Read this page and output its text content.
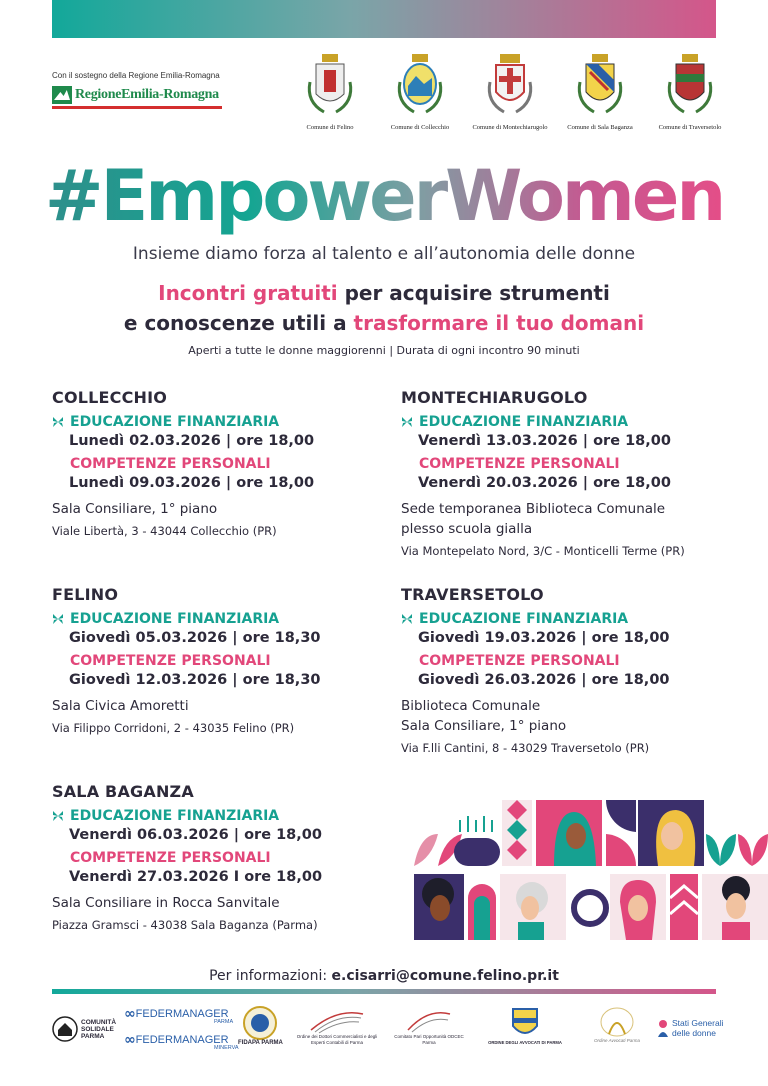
Con il sostegno della Regione Emilia-Romagna
RegioneEmilia-Romagna
Comune di Felino	Comune di Collecchio	Comune di Montechiarugolo	Comune di Sala Baganza	Comune di Traversetolo
#EmpowerWomen
Insieme diamo forza al talento e all’autonomia delle donne
Incontri gratuiti per acquisire strumenti
e conoscenze utili a trasformare il tuo domani
Aperti a tutte le donne maggiorenni | Durata di ogni incontro 90 minuti
COLLECCHIO
EDUCAZIONE FINANZIARIA
Lunedì 02.03.2026 | ore 18,00
COMPETENZE PERSONALI
Lunedì 09.03.2026 | ore 18,00
Sala Consiliare, 1° piano
Viale Libertà, 3 - 43044 Collecchio (PR)
MONTECHIARUGOLO
EDUCAZIONE FINANZIARIA
Venerdì 13.03.2026 | ore 18,00
COMPETENZE PERSONALI
Venerdì 20.03.2026 | ore 18,00
Sede temporanea Biblioteca Comunale
plesso scuola gialla
Via Montepelato Nord, 3/C - Monticelli Terme (PR)
FELINO
EDUCAZIONE FINANZIARIA
Giovedì 05.03.2026 | ore 18,30
COMPETENZE PERSONALI
Giovedì 12.03.2026 | ore 18,30
Sala Civica Amoretti
Via Filippo Corridoni, 2 - 43035 Felino (PR)
TRAVERSETOLO
EDUCAZIONE FINANZIARIA
Giovedì 19.03.2026 | ore 18,00
COMPETENZE PERSONALI
Giovedì 26.03.2026 | ore 18,00
Biblioteca Comunale
Sala Consiliare, 1° piano
Via F.lli Cantini, 8 - 43029 Traversetolo (PR)
SALA BAGANZA
EDUCAZIONE FINANZIARIA
Venerdì 06.03.2026 | ore 18,00
COMPETENZE PERSONALI
Venerdì 27.03.2026 I ore 18,00
Sala Consiliare in Rocca Sanvitale
Piazza Gramsci - 43038 Sala Baganza (Parma)
Per informazioni: e.cisarri@comune.felino.pr.it
COMUNITÀ SOLIDALE PARMA
∞ FEDERMANAGER
PARMA
∞ FEDERMANAGER
MINERVA
FIDAPA PARMA
Ordine dei Dottori Commercialisti e degli Esperti Contabili di Parma
Comitato Pari Opportunità ODCEC Parma	ORDINE DEGLI AVVOCATI DI PARMA	Ordine Avvocati Parma
Stati Generali
delle donne
